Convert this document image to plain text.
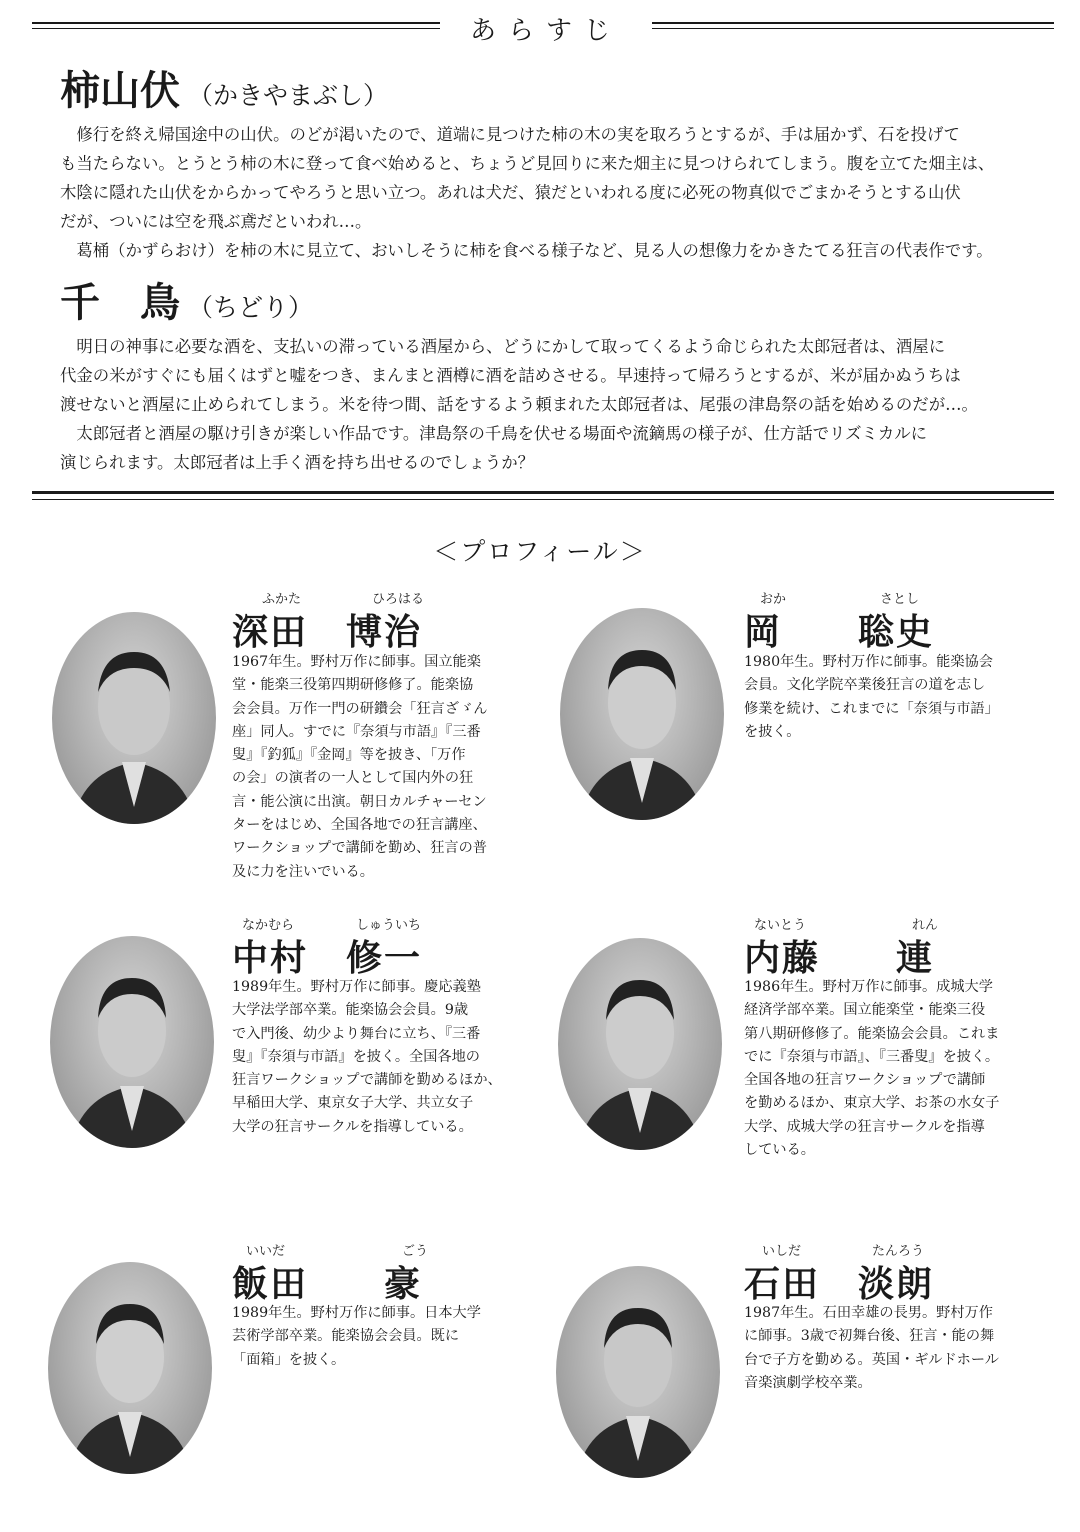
あらすじ
柿山伏 （かきやまぶし）

修行を終え帰国途中の山伏。のどが渇いたので、道端に見つけた柿の木の実を取ろうとするが、手は届かず、石を投げて

も当たらない。とうとう柿の木に登って食べ始めると、ちょうど見回りに来た畑主に見つけられてしまう。腹を立てた畑主は、

木陰に隠れた山伏をからかってやろうと思い立つ。あれは犬だ、猿だといわれる度に必死の物真似でごまかそうとする山伏

だが、ついには空を飛ぶ鳶だといわれ…。

葛桶（かずらおけ）を柿の木に見立て、おいしそうに柿を食べる様子など、見る人の想像力をかきたてる狂言の代表作です。

千　鳥 （ちどり）

明日の神事に必要な酒を、支払いの滞っている酒屋から、どうにかして取ってくるよう命じられた太郎冠者は、酒屋に

代金の米がすぐにも届くはずと嘘をつき、まんまと酒樽に酒を詰めさせる。早速持って帰ろうとするが、米が届かぬうちは

渡せないと酒屋に止められてしまう。米を待つ間、話をするよう頼まれた太郎冠者は、尾張の津島祭の話を始めるのだが…。

太郎冠者と酒屋の駆け引きが楽しい作品です。津島祭の千鳥を伏せる場面や流鏑馬の様子が、仕方話でリズミカルに

演じられます。太郎冠者は上手く酒を持ち出せるのでしょうか？

＜プロフィール＞
ふかた	ひろはる
深田　博治
1967年生。野村万作に師事。国立能楽
堂・能楽三役第四期研修修了。能楽協
会会員。万作一門の研鑽会「狂言ざゞん
座」同人。すでに『奈須与市語』『三番
叟』『釣狐』『金岡』等を披き、「万作
の会」の演者の一人として国内外の狂
言・能公演に出演。朝日カルチャーセン
ターをはじめ、全国各地での狂言講座、
ワークショップで講師を勤め、狂言の普
及に力を注いでいる。
おか	さとし
岡　　聡史
1980年生。野村万作に師事。能楽協会
会員。文化学院卒業後狂言の道を志し
修業を続け、これまでに「奈須与市語」
を披く。
なかむら	しゅういち
中村　修一
1989年生。野村万作に師事。慶応義塾
大学法学部卒業。能楽協会会員。9歳
で入門後、幼少より舞台に立ち、『三番
叟』『奈須与市語』を披く。全国各地の
狂言ワークショップで講師を勤めるほか、
早稲田大学、東京女子大学、共立女子
大学の狂言サークルを指導している。
ないとう	れん
内藤　　連
1986年生。野村万作に師事。成城大学
経済学部卒業。国立能楽堂・能楽三役
第八期研修修了。能楽協会会員。これま
でに『奈須与市語』、『三番叟』を披く。
全国各地の狂言ワークショップで講師
を勤めるほか、東京大学、お茶の水女子
大学、成城大学の狂言サークルを指導
している。
いいだ	ごう
飯田　　豪
1989年生。野村万作に師事。日本大学
芸術学部卒業。能楽協会会員。既に
「面箱」を披く。
いしだ	たんろう
石田　淡朗
1987年生。石田幸雄の長男。野村万作
に師事。3歳で初舞台後、狂言・能の舞
台で子方を勤める。英国・ギルドホール
音楽演劇学校卒業。
